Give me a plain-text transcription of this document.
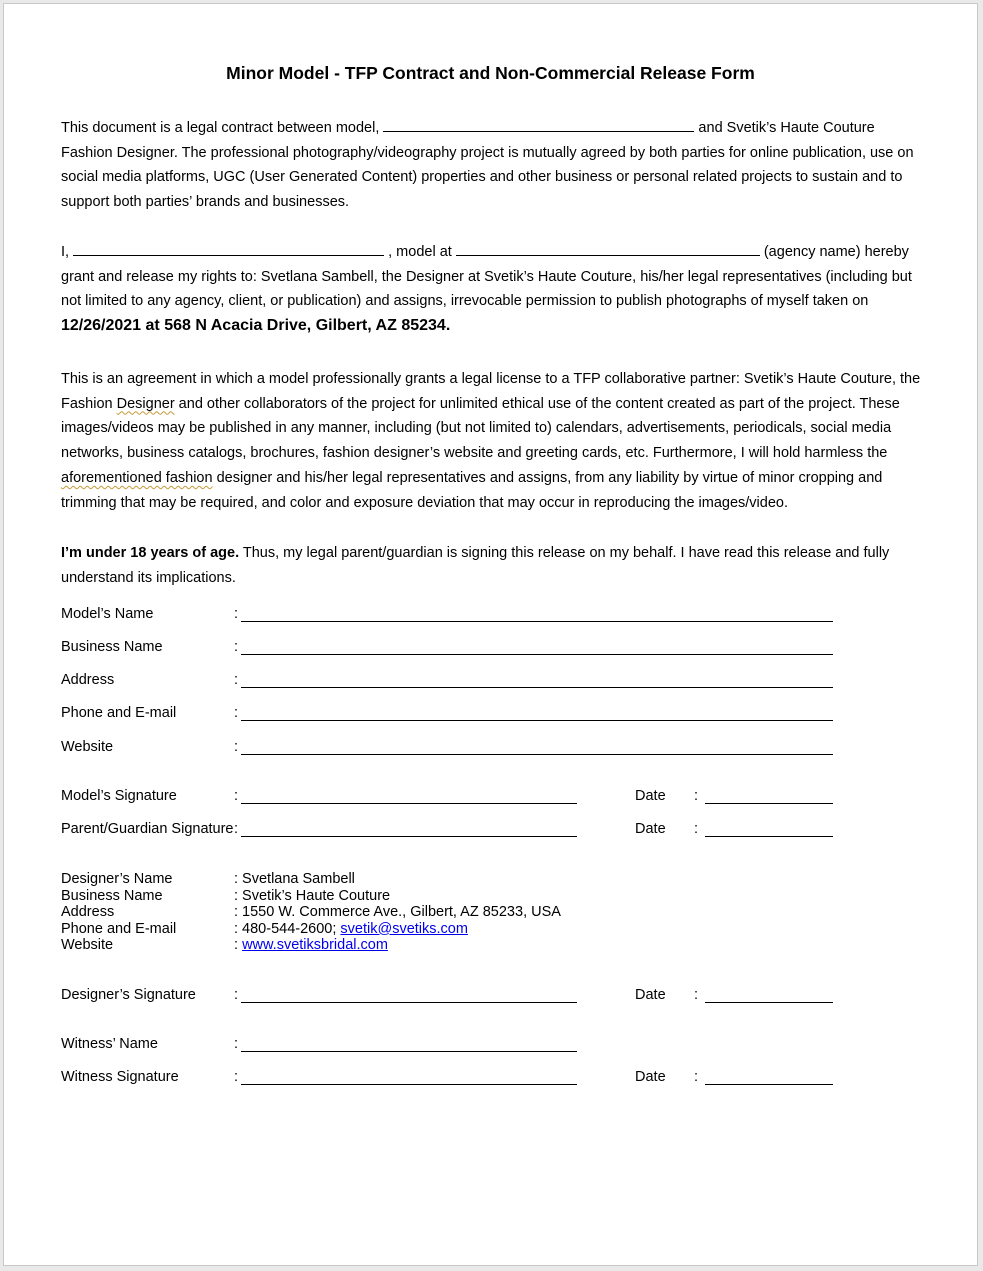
Minor Model - TFP Contract and Non-Commercial Release Form
This document is a legal contract between model,	and Svetik’s Haute Couture Fashion Designer. The professional photography/videography project is mutually agreed by both parties for online publication, use on social media platforms, UGC (User Generated Content) properties and other business or personal related projects to sustain and to support both parties’ brands and businesses.
I,	, model at	(agency name) hereby grant and release my rights to: Svetlana Sambell, the Designer at Svetik’s Haute Couture, his/her legal representatives (including but not limited to any agency, client, or publication) and assigns, irrevocable permission to publish photographs of myself taken on
12/26/2021 at 568 N Acacia Drive, Gilbert, AZ 85234.
This is an agreement in which a model professionally grants a legal license to a TFP collaborative partner: Svetik’s Haute Couture, the Fashion Designer and other collaborators of the project for unlimited ethical use of the content created as part of the project. These images/videos may be published in any manner, including (but not limited to) calendars, advertisements, periodicals, social media networks, business catalogs, brochures, fashion designer’s website and greeting cards, etc. Furthermore, I will hold harmless the aforementioned fashion designer and his/her legal representatives and assigns, from any liability by virtue of minor cropping and trimming that may be required, and color and exposure deviation that may occur in reproducing the images/video.
I’m under 18 years of age. Thus, my legal parent/guardian is signing this release on my behalf. I have read this release and fully understand its implications.
Model’s Name	:
Business Name	:
Address	:
Phone and E-mail	:
Website	:
Model’s Signature	:	Date :
Parent/Guardian Signature :	Date :
Designer’s Name	: Svetlana Sambell
Business Name	: Svetik’s Haute Couture
Address	: 1550 W. Commerce Ave., Gilbert, AZ 85233, USA
Phone and E-mail	: 480-544-2600; svetik@svetiks.com
Website	: www.svetiksbridal.com
Designer’s Signature	:	Date :
Witness’ Name	:
Witness Signature	:	Date :
